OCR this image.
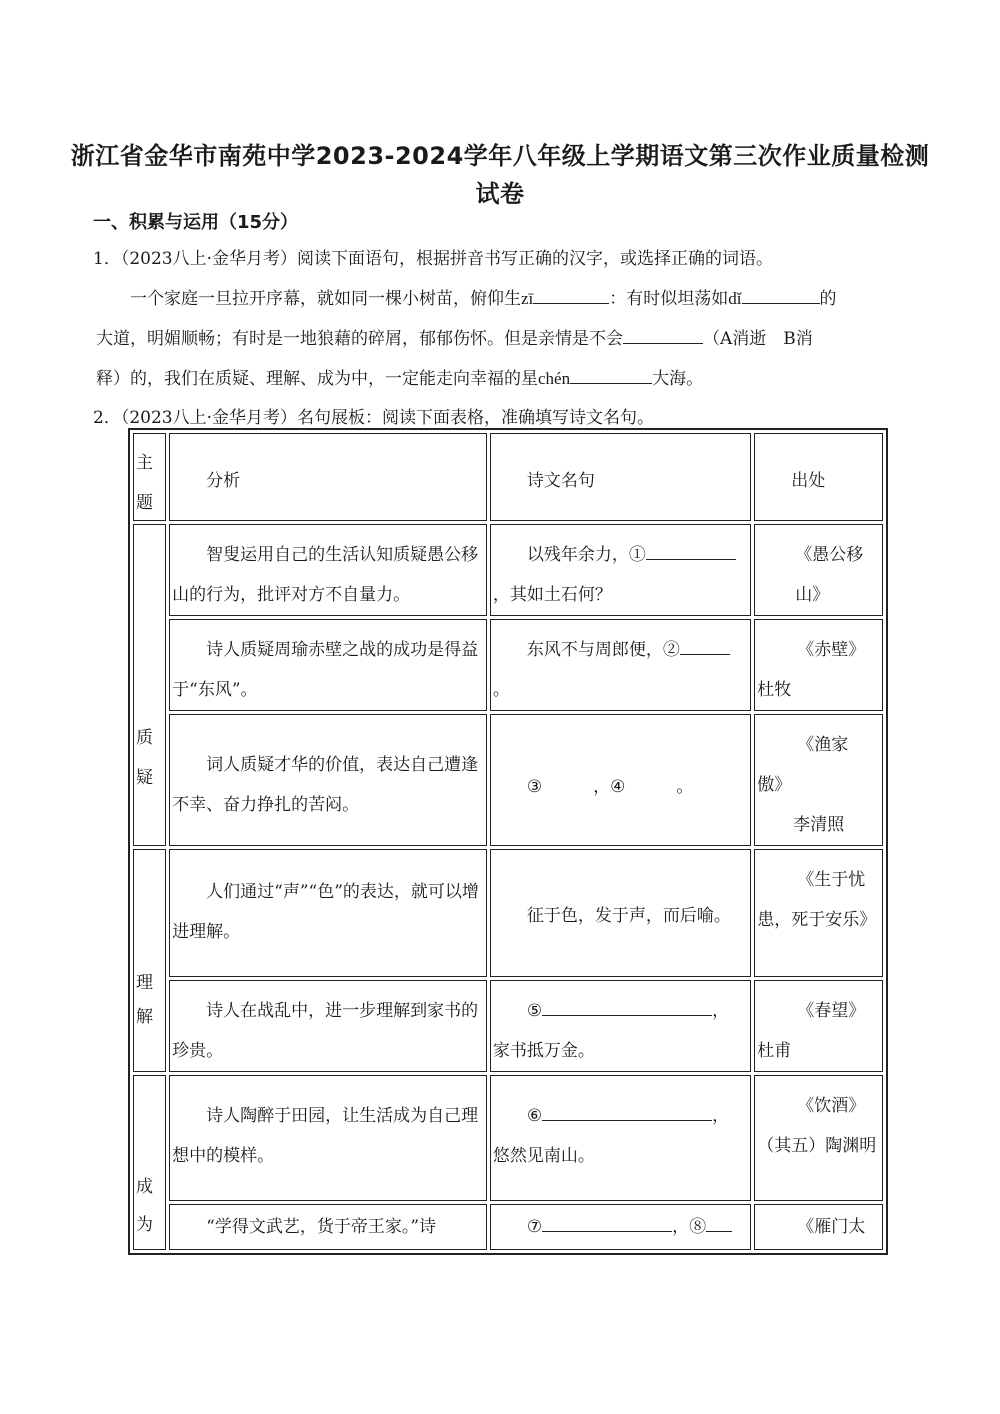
浙江省金华市南苑中学2023-2024学年八年级上学期语文第三次作业质量检测
试卷
一、积累与运用（15分）
1．（2023八上·金华月考）阅读下面语句，根据拼音书写正确的汉字，或选择正确的词语。
一个家庭一旦拉开序幕，就如同一棵小树苗，俯仰生zī	：有时似坦荡如dǐ	的
大道，明媚顺畅；有时是一地狼藉的碎屑，郁郁伤怀。但是亲情是不会	（A消逝　B消
释）的，我们在质疑、理解、成为中，一定能走向幸福的星chén	大海。
2．（2023八上·金华月考）名句展板：阅读下面表格，准确填写诗文名句。
主
题	分析	诗文名句	出处

质
疑	智叟运用自己的生活认知质疑愚公移山的行为，批评对方不自量力。	以残年余力，①
，其如土石何？	《愚公移山》
	诗人质疑周瑜赤壁之战的成功是得益于“东风”。	东风不与周郎便，②
。	《赤壁》杜牧
	词人质疑才华的价值，表达自己遭逢不幸、奋力挣扎的苦闷。	③　　　，④　　　。	《渔家傲》
李清照

理
解	人们通过“声”“色”的表达，就可以增进理解。	征于色，发于声，而后喻。	《生于忧患，死于安乐》
	诗人在战乱中，进一步理解到家书的珍贵。	⑤ ，
家书抵万金。	《春望》杜甫

成
为	诗人陶醉于田园，让生活成为自己理想中的模样。	⑥ ，
悠然见南山。	《饮酒》（其五）陶渊明
	“学得文武艺，货于帝王家。”诗	⑦ ，⑧	《雁门太
